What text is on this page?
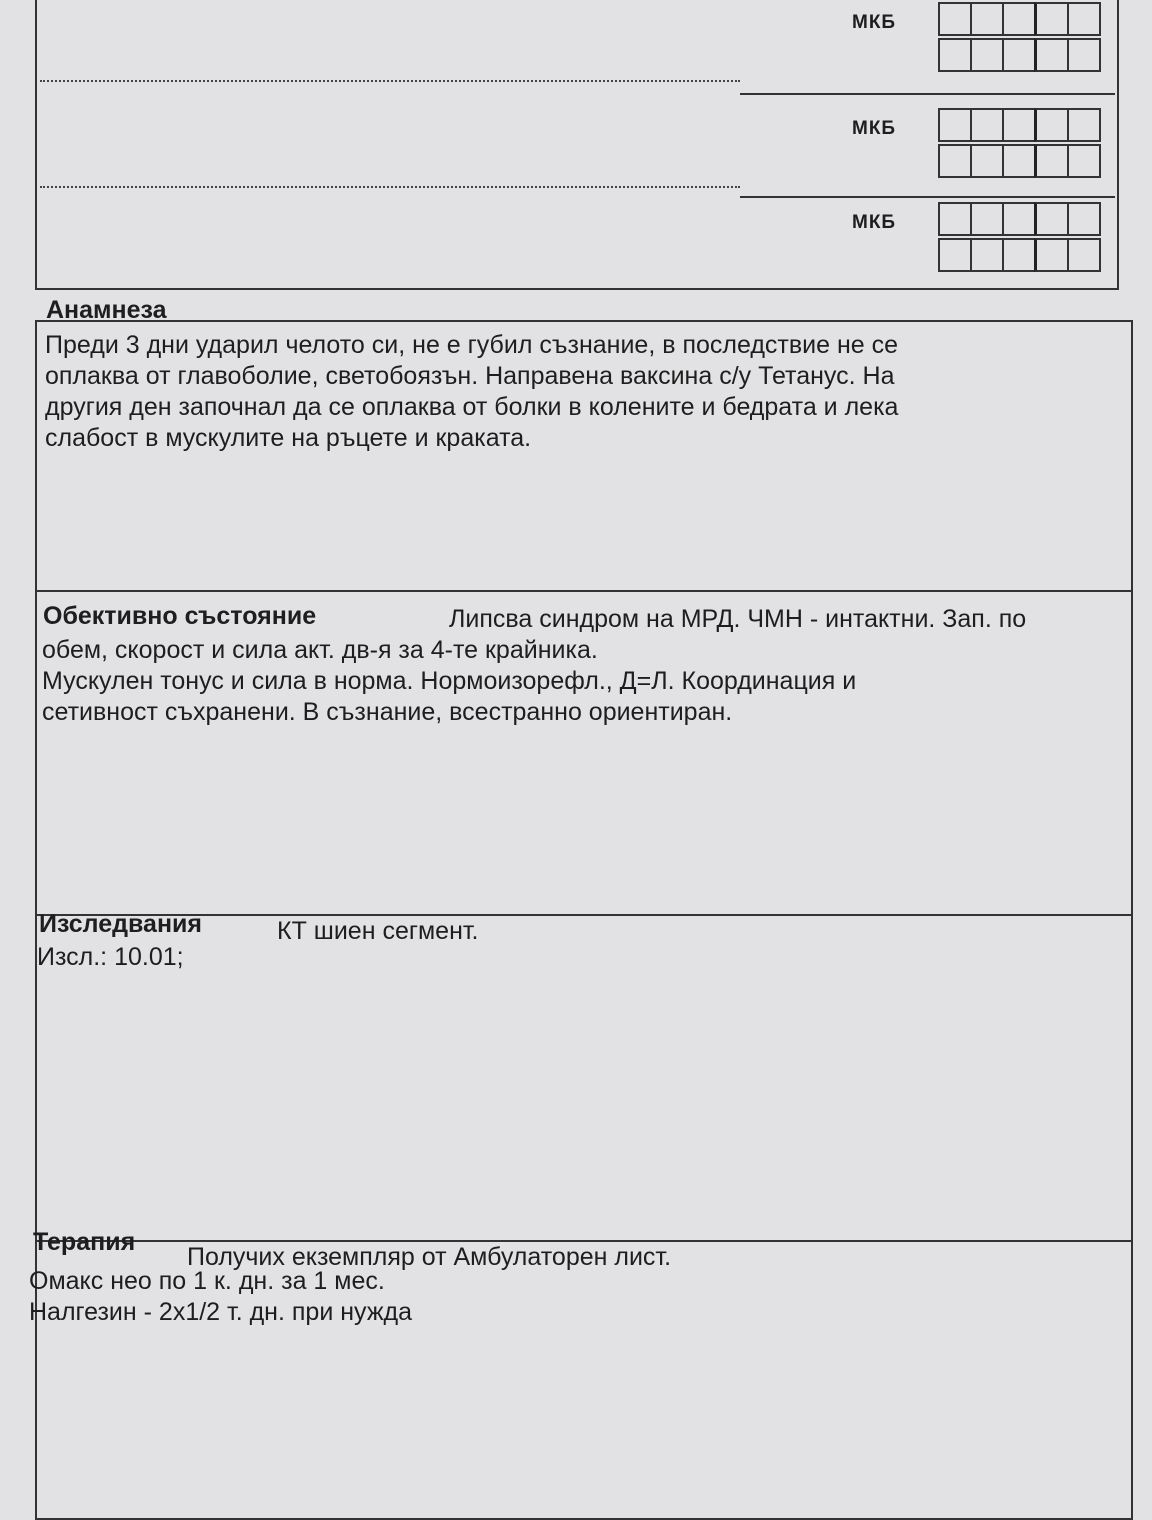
МКБ
МКБ
МКБ
Анамнеза
Преди 3 дни ударил челото си, не е губил съзнание, в последствие не се
оплаква от главоболие, светобоязън. Направена ваксина с/у Тетанус. На
другия ден започнал да се оплаква от болки в колените и бедрата и лека
слабост в мускулите на ръцете и краката.
Обективно състояние	Липсва синдром на МРД. ЧМН - интактни. Зап. по
обем, скорост и сила акт. дв-я за 4-те крайника.
Мускулен тонус и сила в норма. Нормоизорефл., Д=Л. Координация и
сетивност съхранени. В съзнание, всестранно ориентиран.
Изследвания	КТ шиен сегмент.
Изсл.: 10.01;
Терапия
Получих екземпляр от Амбулаторен лист.
Омакс нео по 1 к. дн. за 1 мес.
Налгезин - 2х1/2 т. дн. при нужда
